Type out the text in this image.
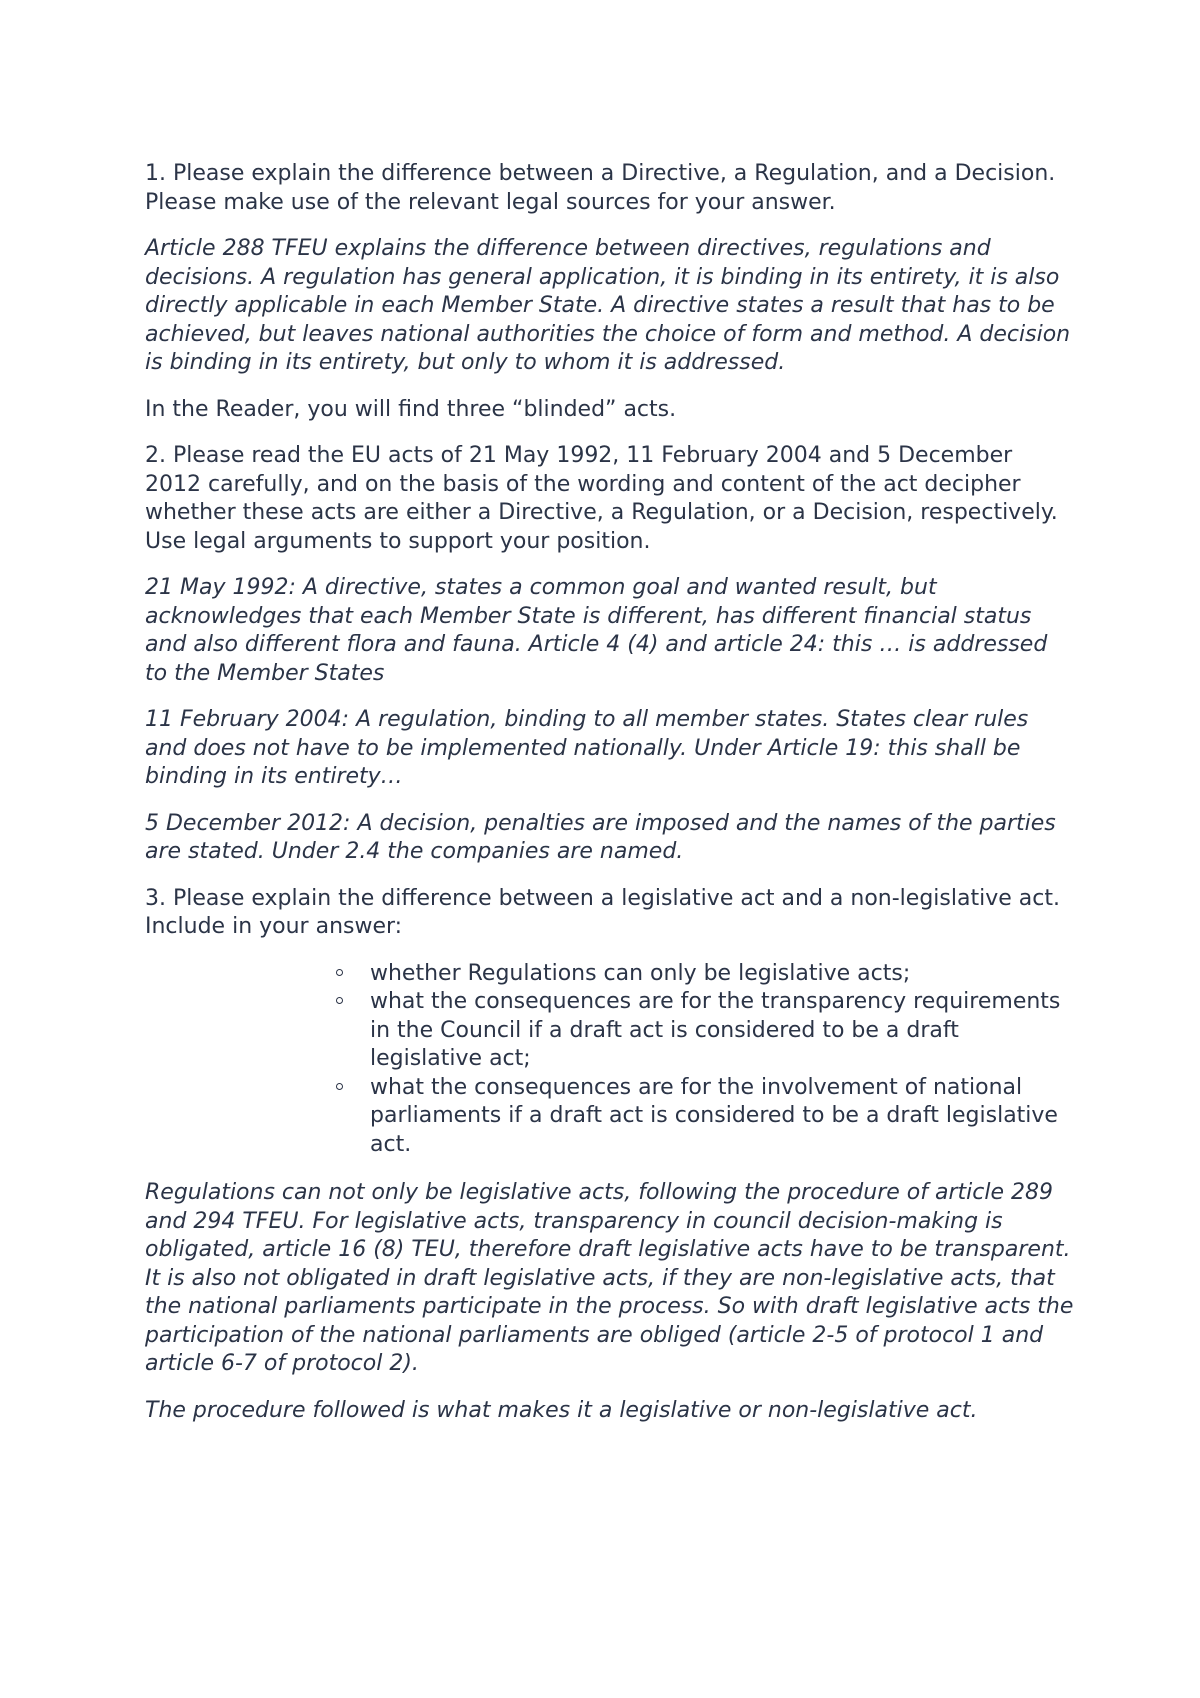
1. Please explain the difference between a Directive, a Regulation, and a Decision. Please make use of the relevant legal sources for your answer.

Article 288 TFEU explains the difference between directives, regulations and decisions. A regulation has general application, it is binding in its entirety, it is also directly applicable in each Member State. A directive states a result that has to be achieved, but leaves national authorities the choice of form and method. A decision is binding in its entirety, but only to whom it is addressed.

In the Reader, you will find three “blinded” acts.

2. Please read the EU acts of 21 May 1992, 11 February 2004 and 5 December 2012 carefully, and on the basis of the wording and content of the act decipher whether these acts are either a Directive, a Regulation, or a Decision, respectively. Use legal arguments to support your position.

21 May 1992: A directive, states a common goal and wanted result, but acknowledges that each Member State is different, has different financial status and also different flora and fauna. Article 4 (4) and article 24: this … is addressed to the Member States

11 February 2004: A regulation, binding to all member states. States clear rules and does not have to be implemented nationally. Under Article 19: this shall be binding in its entirety…

5 December 2012: A decision, penalties are imposed and the names of the parties are stated. Under 2.4 the companies are named.

3. Please explain the difference between a legislative act and a non-legislative act. Include in your answer:

whether Regulations can only be legislative acts;
what the consequences are for the transparency requirements in the Council if a draft act is considered to be a draft legislative act;
what the consequences are for the involvement of national parliaments if a draft act is considered to be a draft legislative act.

Regulations can not only be legislative acts, following the procedure of article 289 and 294 TFEU. For legislative acts, transparency in council decision-making is obligated, article 16 (8) TEU, therefore draft legislative acts have to be transparent. It is also not obligated in draft legislative acts, if they are non-legislative acts, that the national parliaments participate in the process. So with draft legislative acts the participation of the national parliaments are obliged (article 2-5 of protocol 1 and article 6-7 of protocol 2).

The procedure followed is what makes it a legislative or non-legislative act.
